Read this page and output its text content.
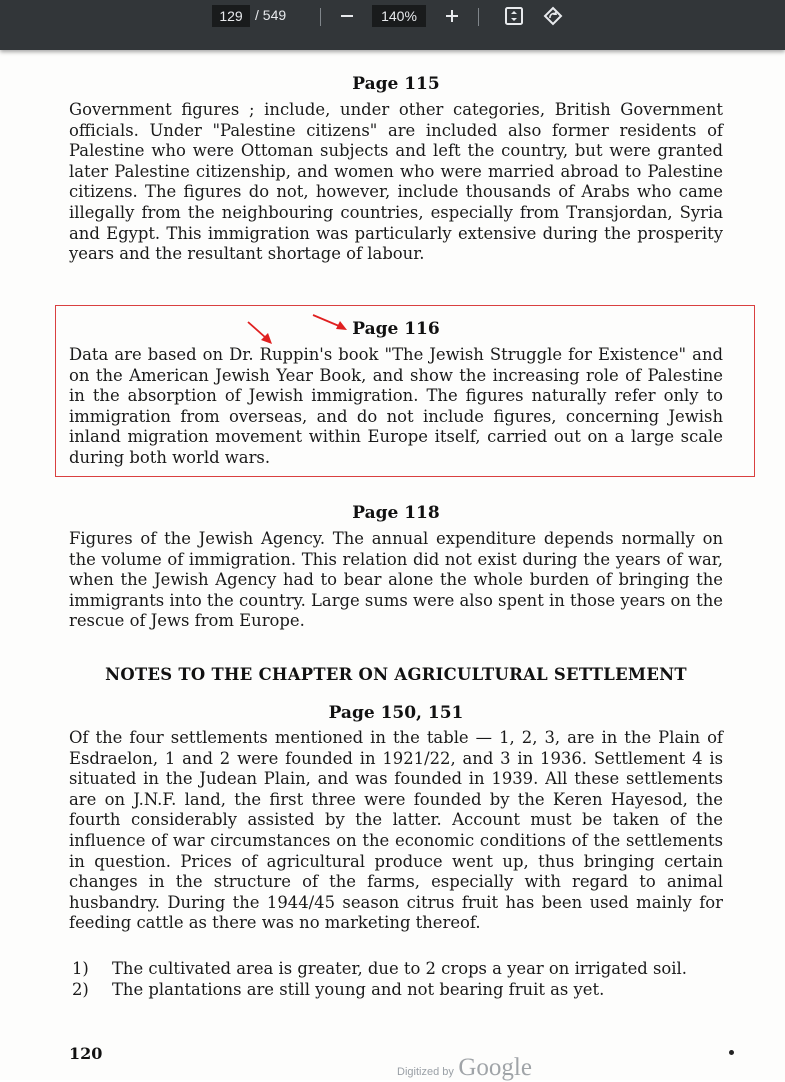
129 / 549	140%
Page 115

Government figures ; include, under other categories, British Government officials. Under "Palestine citizens" are included also former residents of Palestine who were Ottoman subjects and left the country, but were granted later Palestine citizenship, and women who were married abroad to Palestine citizens. The figures do not, however, include thousands of Arabs who came illegally from the neighbouring countries, especially from Transjordan, Syria and Egypt. This immigration was particularly extensive during the prosperity years and the resultant shortage of labour.

Page 116

Data are based on Dr. Ruppin's book "The Jewish Struggle for Existence" and on the American Jewish Year Book, and show the increasing role of Palestine in the absorption of Jewish immigration. The figures naturally refer only to immigration from overseas, and do not include figures, concerning Jewish inland migration movement within Europe itself, carried out on a large scale during both world wars.

Page 118

Figures of the Jewish Agency. The annual expenditure depends normally on the volume of immigration. This relation did not exist during the years of war, when the Jewish Agency had to bear alone the whole burden of bringing the immigrants into the country. Large sums were also spent in those years on the rescue of Jews from Europe.

NOTES TO THE CHAPTER ON AGRICULTURAL SETTLEMENT
Page 150, 151

Of the four settlements mentioned in the table — 1, 2, 3, are in the Plain of Esdraelon, 1 and 2 were founded in 1921/22, and 3 in 1936. Settlement 4 is situated in the Judean Plain, and was founded in 1939. All these settlements are on J.N.F. land, the first three were founded by the Keren Hayesod, the fourth considerably assisted by the latter. Account must be taken of the influence of war circumstances on the economic conditions of the settlements in question. Prices of agricultural produce went up, thus bringing certain changes in the structure of the farms, especially with regard to animal husbandry. During the 1944/45 season citrus fruit has been used mainly for feeding cattle as there was no marketing thereof.

1) The cultivated area is greater, due to 2 crops a year on irrigated soil.
2) The plantations are still young and not bearing fruit as yet.
120
Digitized by Google
